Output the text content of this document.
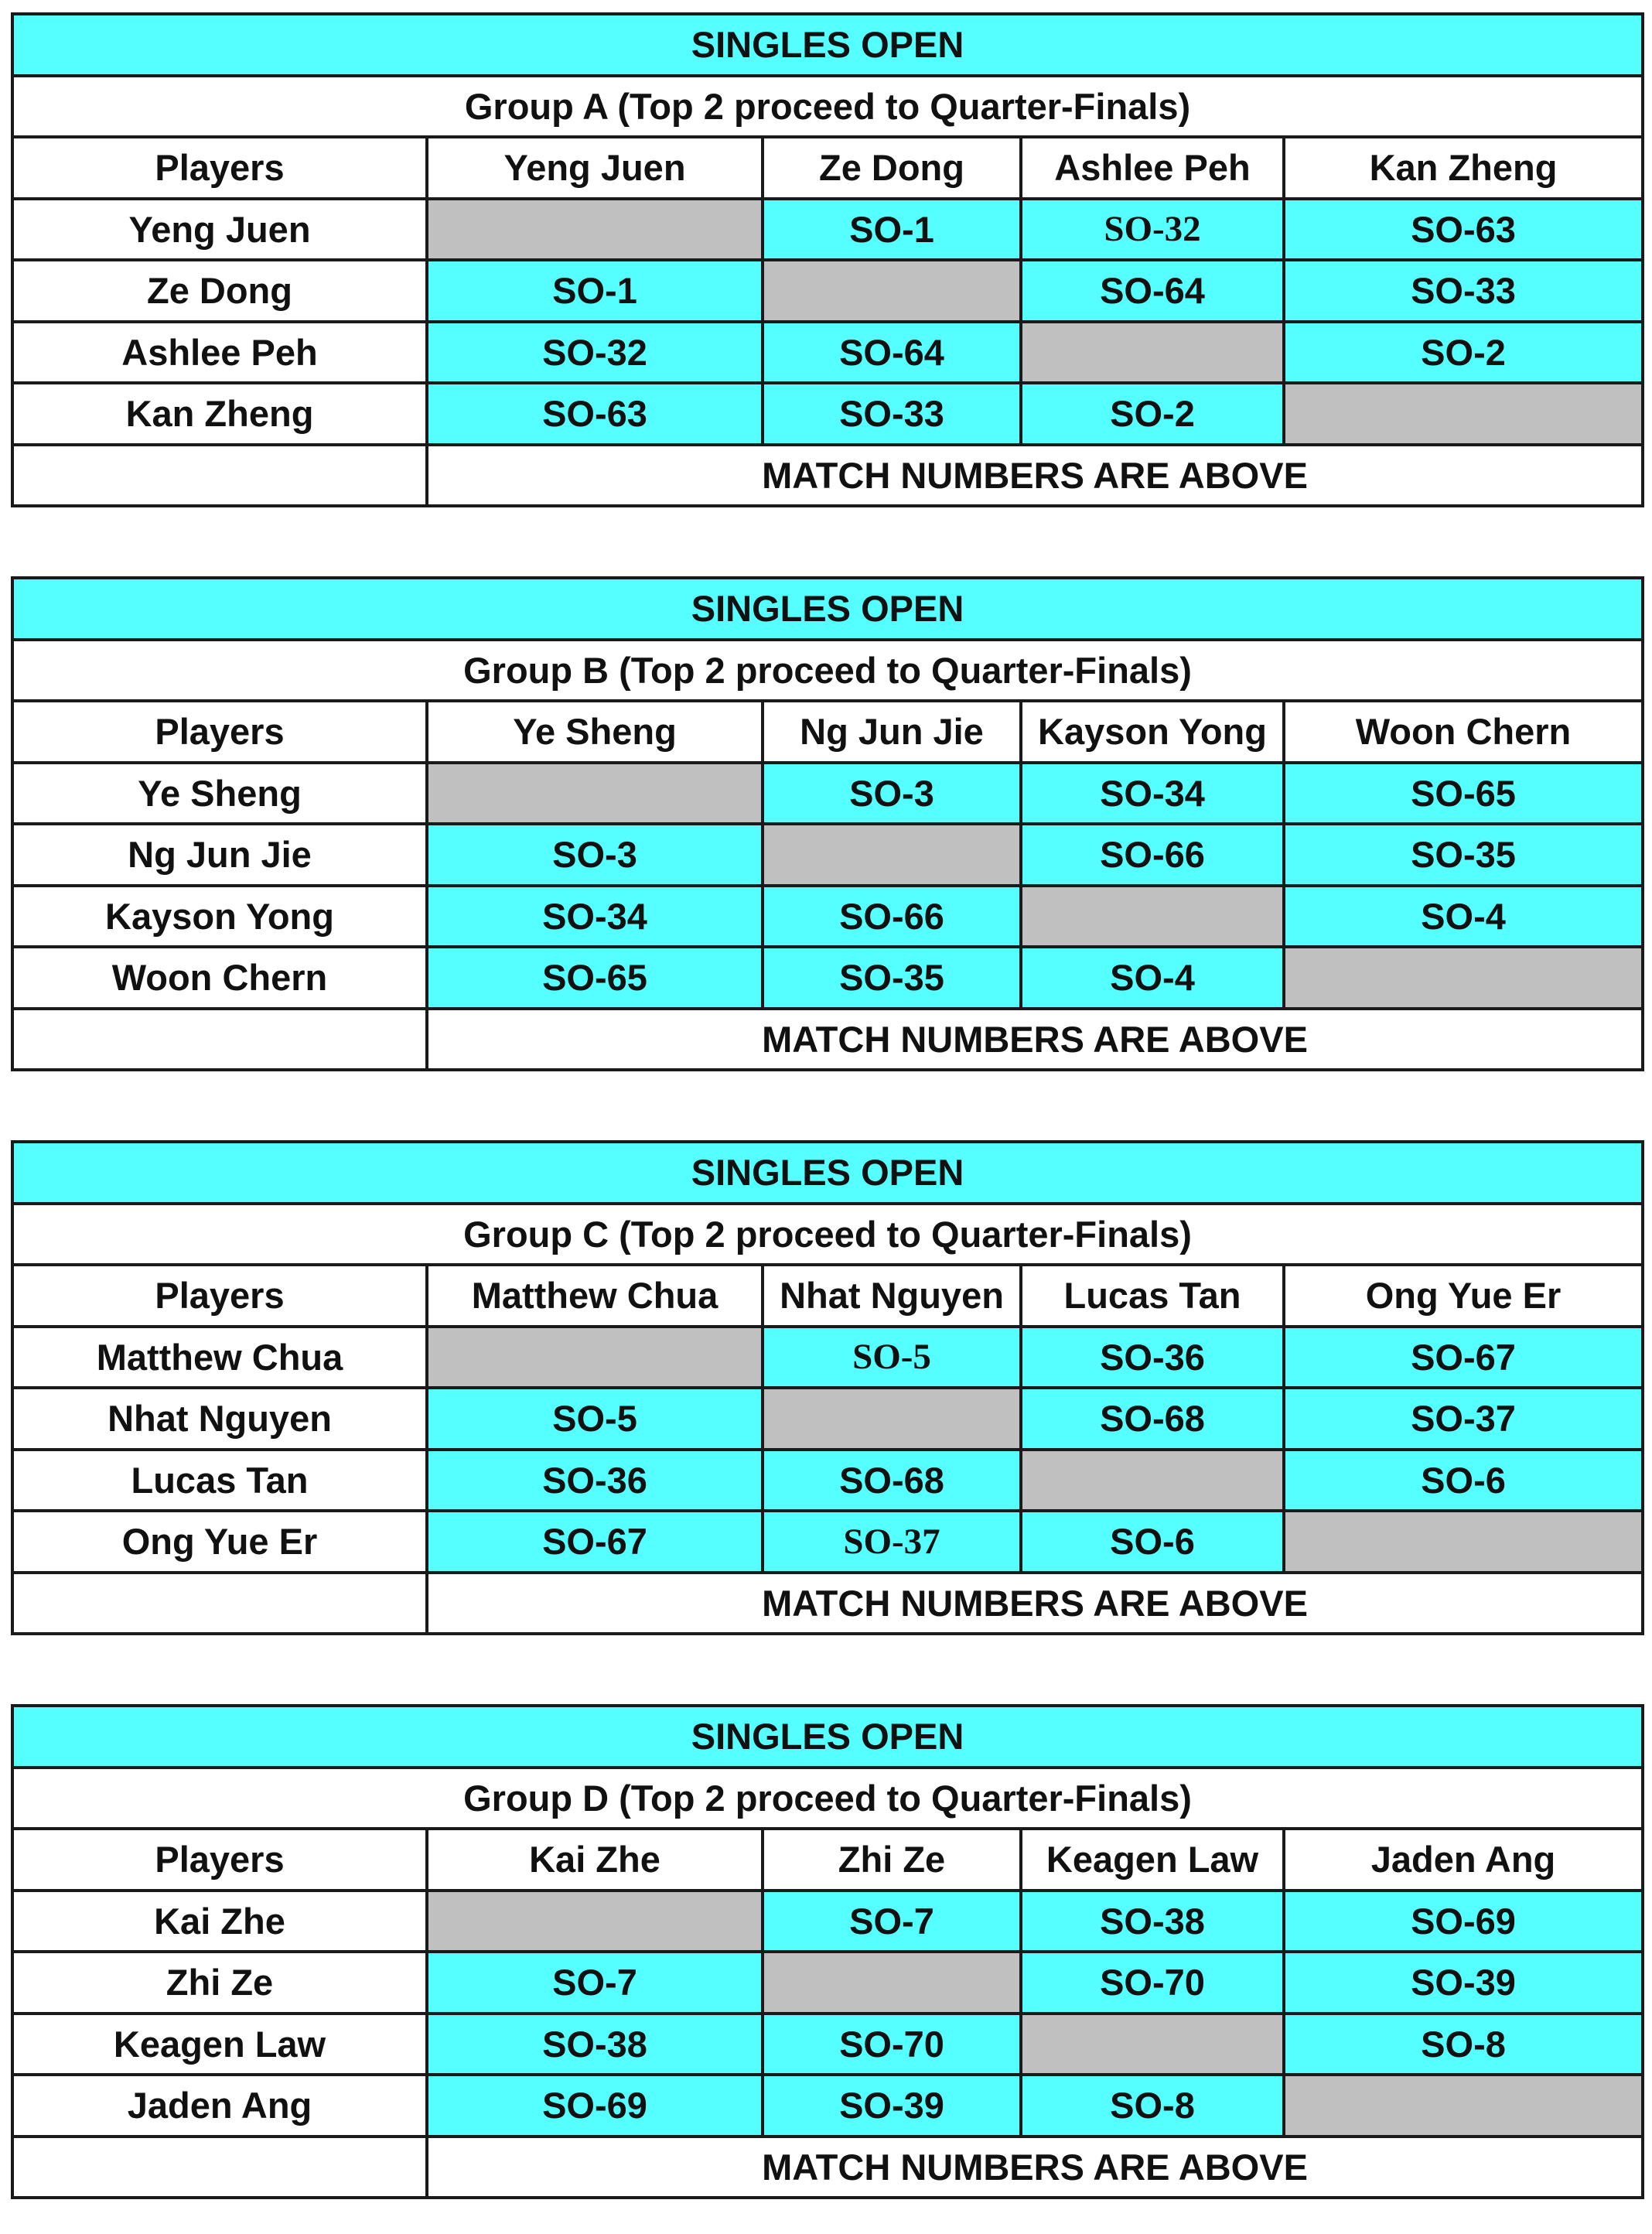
SINGLES OPEN				
Group A (Top 2 proceed to Quarter-Finals)				
Players	Yeng Juen	Ze Dong	Ashlee Peh	Kan Zheng
Yeng Juen		SO-1	SO-32	SO-63
Ze Dong	SO-1		SO-64	SO-33
Ashlee Peh	SO-32	SO-64		SO-2
Kan Zheng	SO-63	SO-33	SO-2	
	MATCH NUMBERS ARE ABOVE			
SINGLES OPEN				
Group B (Top 2 proceed to Quarter-Finals)				
Players	Ye Sheng	Ng Jun Jie	Kayson Yong	Woon Chern
Ye Sheng		SO-3	SO-34	SO-65
Ng Jun Jie	SO-3		SO-66	SO-35
Kayson Yong	SO-34	SO-66		SO-4
Woon Chern	SO-65	SO-35	SO-4	
	MATCH NUMBERS ARE ABOVE			
SINGLES OPEN				
Group C (Top 2 proceed to Quarter-Finals)				
Players	Matthew Chua	Nhat Nguyen	Lucas Tan	Ong Yue Er
Matthew Chua		SO-5	SO-36	SO-67
Nhat Nguyen	SO-5		SO-68	SO-37
Lucas Tan	SO-36	SO-68		SO-6
Ong Yue Er	SO-67	SO-37	SO-6	
	MATCH NUMBERS ARE ABOVE			
SINGLES OPEN				
Group D (Top 2 proceed to Quarter-Finals)				
Players	Kai Zhe	Zhi Ze	Keagen Law	Jaden Ang
Kai Zhe		SO-7	SO-38	SO-69
Zhi Ze	SO-7		SO-70	SO-39
Keagen Law	SO-38	SO-70		SO-8
Jaden Ang	SO-69	SO-39	SO-8	
	MATCH NUMBERS ARE ABOVE			
